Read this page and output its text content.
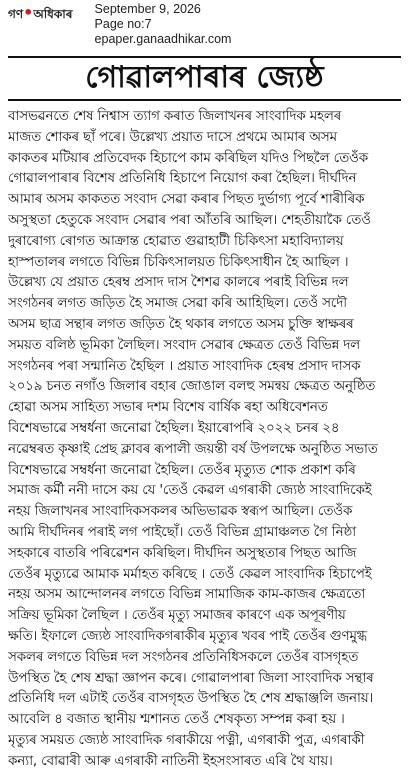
গণ•অধিকাৰ September 9, 2026
Page no:7
epaper.ganaadhikar.com
গোৱালপাৰাৰ জ্যেষ্ঠ
বাসভৱনতে শেষ নিশ্বাস ত্যাগ কৰাত জিলাখনৰ সাংবাদিক মহলৰ
মাজত শোকৰ ছাঁ পৰে। উল্লেখ্য প্ৰয়াত দাসে প্ৰথমে আমাৰ অসম
কাকতৰ মটিয়াৰ প্ৰতিবেদক হিচাপে কাম কৰিছিল যদিও পিছলৈ তেওঁক
গোৱালপাৰাৰ বিশেষ প্ৰতিনিধি হিচাপে নিয়োগ কৰা হৈছিল। দীৰ্ঘদিন
আমাৰ অসম কাকতত সংবাদ সেৱা কৰাৰ পিছত দুৰ্ভাগ্য পূৰ্বে শাৰীৰিক
অসুস্থতা হেতুকে সংবাদ সেৱাৰ পৰা আঁতৰি আছিল। শেহতীয়াকৈ তেওঁ
দুৰাৰোগ্য ৰোগত আক্ৰান্ত হোৱাত গুৱাহাটী চিকিৎসা মহাবিদ্যালয়
হাস্পতালৰ লগতে বিভিন্ন চিকিৎসালয়ত চিকিৎসাধীন হৈ আছিল ।
উল্লেখ্য যে প্ৰয়াত হেৰম্ব প্ৰসাদ দাস শৈশৱ কালৰে পৰাই বিভিন্ন দল
সংগঠনৰ লগত জড়িত হৈ সমাজ সেৱা কৰি আহিছিল। তেওঁ সদৌ
অসম ছাত্ৰ সন্থাৰ লগত জড়িত হৈ থকাৰ লগতে অসম চুক্তি স্বাক্ষৰৰ
সময়ত বলিষ্ঠ ভূমিকা লৈছিল। সংবাদ সেৱাৰ ক্ষেত্ৰত তেওঁ বিভিন্ন দল
সংগঠনৰ পৰা সন্মানিত হৈছিল । প্ৰয়াত সাংবাদিক হেৰম্ব প্ৰসাদ দাসক
২০১৯ চনত নগাঁও জিলাৰ বহাৰ জোঙাল বলহু সমন্বয় ক্ষেত্ৰত অনুষ্ঠিত
হোৱা অসম সাহিত্য সভাৰ দশম বিশেষ বাৰ্ষিক ৰহা অধিবেশনত
বিশেষভাৱে সম্বৰ্ধনা জনোৱা হৈছিল। ইয়াৰোপৰি ২০২২ চনৰ ২৪
নৱেম্বৰত কৃষ্ণাই প্ৰেছ ক্লাবৰ ৰূপালী জয়ন্তী বৰ্ষ উপলক্ষে অনুষ্ঠিত সভাত
বিশেষভাৱে সম্বৰ্ধনা জনোৱা হৈছিল। তেওঁৰ মৃত্যুত শোক প্ৰকাশ কৰি
সমাজ কৰ্মী ননী দাসে কয় যে 'তেওঁ কেৱল এগৰাকী জ্যেষ্ঠ সাংবাদিকেই
নহয় জিলাখনৰ সাংবাদিকসকলৰ অভিভাৱক স্বৰূপ আছিল। তেওঁক
আমি দীৰ্ঘদিনৰ পৰাই লগ পাইছোঁ। তেওঁ বিভিন্ন গ্ৰামাঞ্চলত গৈ নিষ্ঠা
সহকাৰে বাতৰি পৰিৱেশন কৰিছিল। দীৰ্ঘদিন অসুস্থতাৰ পিছত আজি
তেওঁৰ মৃত্যুৱে আমাক মৰ্মাহত কৰিছে । তেওঁ কেৱল সাংবাদিক হিচাপেই
নহয় অসম আন্দোলনৰ লগতে বিভিন্ন সামাজিক কাম-কাজৰ ক্ষেত্ৰতো
সক্ৰিয় ভূমিকা লৈছিল । তেওঁৰ মৃত্যু সমাজৰ কাৰণে এক অপূৰণীয়
ক্ষতি। ইফালে জ্যেষ্ঠ সাংবাদিকগৰাকীৰ মৃত্যুৰ খবৰ পাই তেওঁৰ গুণমুগ্ধ
সকলৰ লগতে বিভিন্ন দল সংগঠনৰ প্ৰতিনিধিসকলে তেওঁৰ বাসগৃহত
উপস্থিত হৈ শেষ শ্ৰদ্ধা জ্ঞাপন কৰে। গোৱালপাৰা জিলা সাংবাদিক সন্থাৰ
প্ৰতিনিধি দল এটাই তেওঁৰ বাসগৃহত উপস্থিত হৈ শেষ শ্ৰদ্ধাঞ্জলি জনায়।
আবেলি ৪ বজাত স্থানীয় শ্মশানত তেওঁ শেষকৃত্য সম্পন্ন কৰা হয় ।
মৃত্যুৰ সময়ত জ্যেষ্ঠ সাংবাদিক গৰাকীয়ে পত্নী, এগৰাকী পুত্ৰ, এগৰাকী
কন্যা, বোৱাৰী আৰু এগৰাকী নাতিনী ইহসংসাৰত এৰি থৈ যায়।
